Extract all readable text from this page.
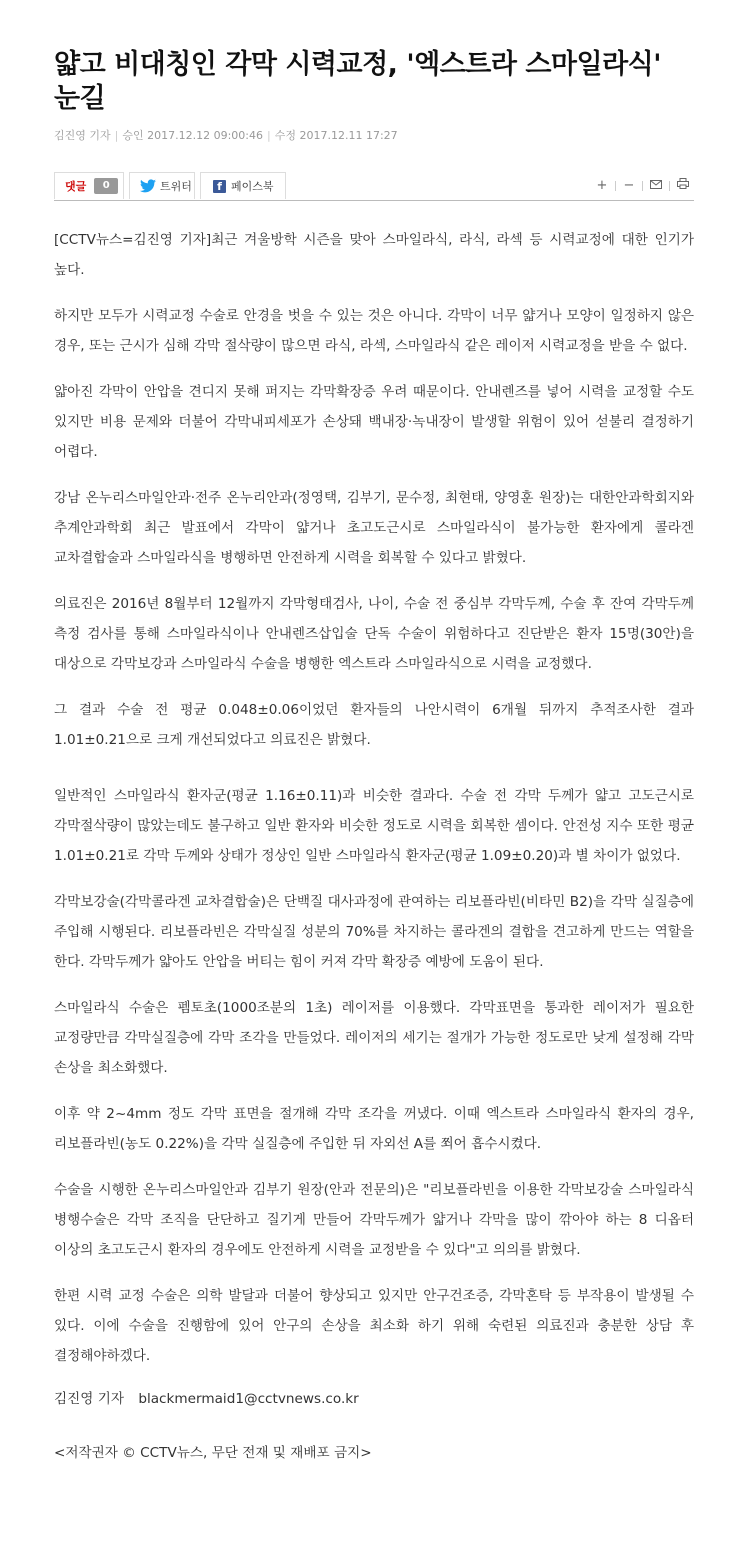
얇고 비대칭인 각막 시력교정, '엑스트라 스마일라식' 눈길
김진영 기자 | 승인 2017.12.12 09:00:46 | 수정 2017.12.11 17:27
댓글	0	트위터	f 페이스북	+	−

[CCTV뉴스=김진영 기자]최근 겨울방학 시즌을 맞아 스마일라식, 라식, 라섹 등 시력교정에 대한 인기가 높다.

하지만 모두가 시력교정 수술로 안경을 벗을 수 있는 것은 아니다. 각막이 너무 얇거나 모양이 일정하지 않은 경우, 또는 근시가 심해 각막 절삭량이 많으면 라식, 라섹, 스마일라식 같은 레이저 시력교정을 받을 수 없다.

얇아진 각막이 안압을 견디지 못해 퍼지는 각막확장증 우려 때문이다. 안내렌즈를 넣어 시력을 교정할 수도 있지만 비용 문제와 더불어 각막내피세포가 손상돼 백내장·녹내장이 발생할 위험이 있어 섣불리 결정하기 어렵다.

강남 온누리스마일안과·전주 온누리안과(정영택, 김부기, 문수정, 최현태, 양영훈 원장)는 대한안과학회지와 추계안과학회 최근 발표에서 각막이 얇거나 초고도근시로 스마일라식이 불가능한 환자에게 콜라겐 교차결합술과 스마일라식을 병행하면 안전하게 시력을 회복할 수 있다고 밝혔다.

의료진은 2016년 8월부터 12월까지 각막형태검사, 나이, 수술 전 중심부 각막두께, 수술 후 잔여 각막두께 측정 검사를 통해 스마일라식이나 안내렌즈삽입술 단독 수술이 위험하다고 진단받은 환자 15명(30안)을 대상으로 각막보강과 스마일라식 수술을 병행한 엑스트라 스마일라식으로 시력을 교정했다.

그 결과 수술 전 평균 0.048±0.06이었던 환자들의 나안시력이 6개월 뒤까지 추적조사한 결과 1.01±0.21으로 크게 개선되었다고 의료진은 밝혔다.

일반적인 스마일라식 환자군(평균 1.16±0.11)과 비슷한 결과다. 수술 전 각막 두께가 얇고 고도근시로 각막절삭량이 많았는데도 불구하고 일반 환자와 비슷한 정도로 시력을 회복한 셈이다. 안전성 지수 또한 평균 1.01±0.21로 각막 두께와 상태가 정상인 일반 스마일라식 환자군(평균 1.09±0.20)과 별 차이가 없었다.

각막보강술(각막콜라겐 교차결합술)은 단백질 대사과정에 관여하는 리보플라빈(비타민 B2)을 각막 실질층에 주입해 시행된다. 리보플라빈은 각막실질 성분의 70%를 차지하는 콜라겐의 결합을 견고하게 만드는 역할을 한다. 각막두께가 얇아도 안압을 버티는 힘이 커져 각막 확장증 예방에 도움이 된다.

스마일라식 수술은 펨토초(1000조분의 1초) 레이저를 이용했다. 각막표면을 통과한 레이저가 필요한 교정량만큼 각막실질층에 각막 조각을 만들었다. 레이저의 세기는 절개가 가능한 정도로만 낮게 설정해 각막 손상을 최소화했다.

이후 약 2~4mm 정도 각막 표면을 절개해 각막 조각을 꺼냈다. 이때 엑스트라 스마일라식 환자의 경우, 리보플라빈(농도 0.22%)을 각막 실질층에 주입한 뒤 자외선 A를 쬐어 흡수시켰다.

수술을 시행한 온누리스마일안과 김부기 원장(안과 전문의)은 "리보플라빈을 이용한 각막보강술 스마일라식 병행수술은 각막 조직을 단단하고 질기게 만들어 각막두께가 얇거나 각막을 많이 깎아야 하는 8 디옵터 이상의 초고도근시 환자의 경우에도 안전하게 시력을 교정받을 수 있다"고 의의를 밝혔다.

한편 시력 교정 수술은 의학 발달과 더불어 향상되고 있지만 안구건조증, 각막혼탁 등 부작용이 발생될 수 있다. 이에 수술을 진행함에 있어 안구의 손상을 최소화 하기 위해 숙련된 의료진과 충분한 상담 후 결정해야하겠다.

김진영 기자 blackmermaid1@cctvnews.co.kr
<저작권자 © CCTV뉴스, 무단 전재 및 재배포 금지>
